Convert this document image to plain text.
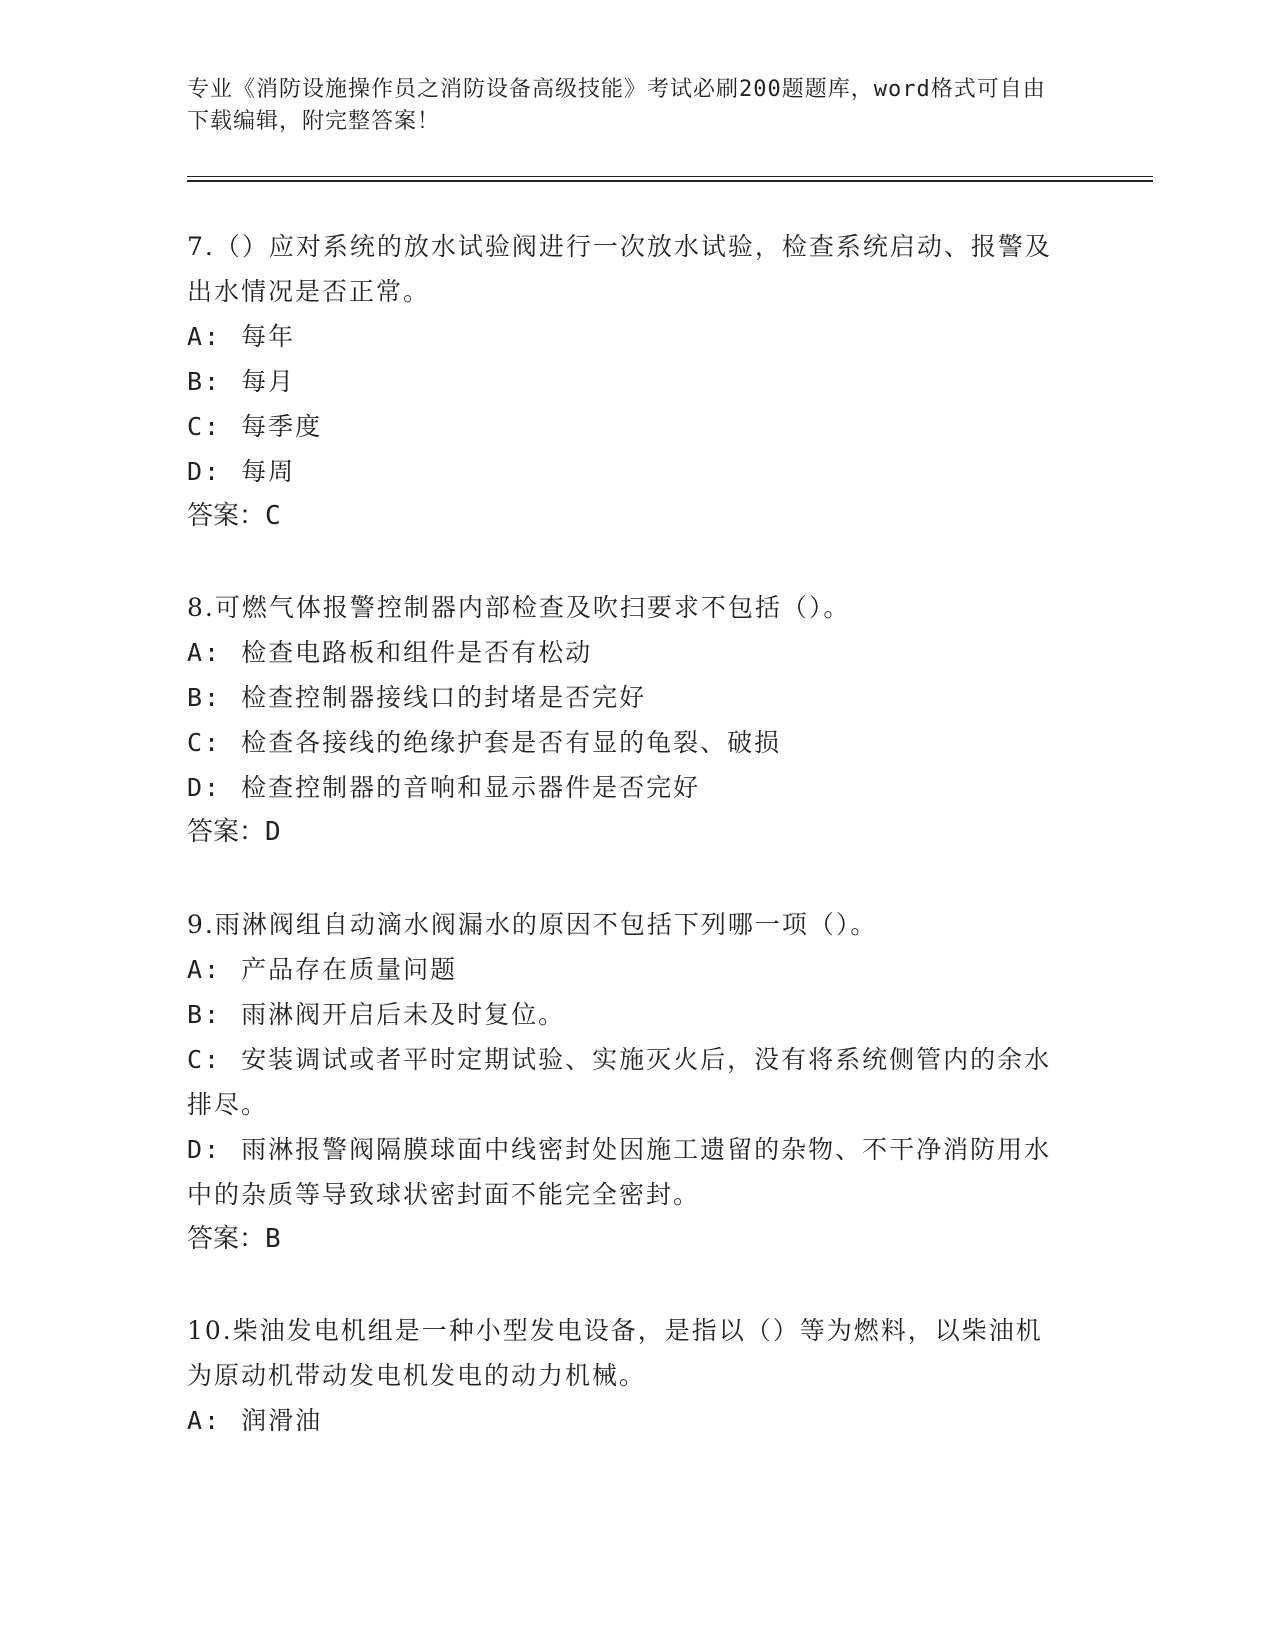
专业《消防设施操作员之消防设备高级技能》考试必刷200题题库，word格式可自由下载编辑，附完整答案！
7.（）应对系统的放水试验阀进行一次放水试验，检查系统启动、报警及出水情况是否正常。
A: 每年
B: 每月
C: 每季度
D: 每周
答案：C
8.可燃气体报警控制器内部检查及吹扫要求不包括（）。
A: 检查电路板和组件是否有松动
B: 检查控制器接线口的封堵是否完好
C: 检查各接线的绝缘护套是否有显的龟裂、破损
D: 检查控制器的音响和显示器件是否完好
答案：D
9.雨淋阀组自动滴水阀漏水的原因不包括下列哪一项（）。
A: 产品存在质量问题
B: 雨淋阀开启后未及时复位。
C: 安装调试或者平时定期试验、实施灭火后，没有将系统侧管内的余水排尽。
D: 雨淋报警阀隔膜球面中线密封处因施工遗留的杂物、不干净消防用水中的杂质等导致球状密封面不能完全密封。
答案：B
10.柴油发电机组是一种小型发电设备，是指以（）等为燃料，以柴油机为原动机带动发电机发电的动力机械。
A: 润滑油
